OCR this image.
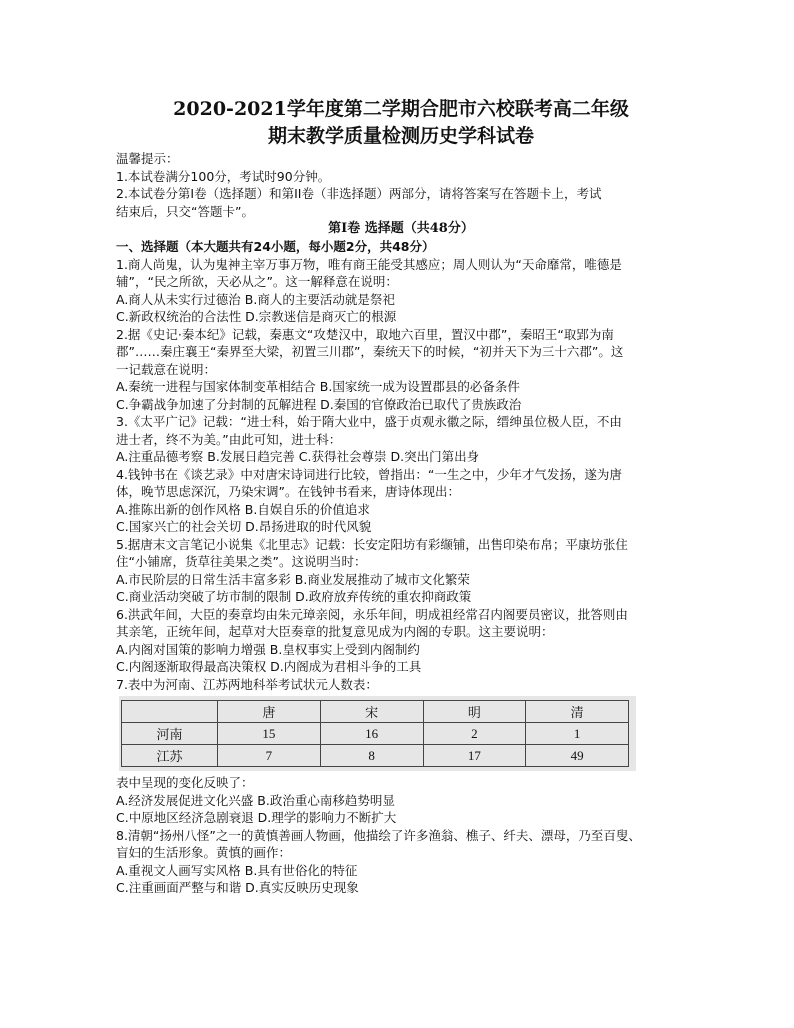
2020-2021学年度第二学期合肥市六校联考高二年级

期末教学质量检测历史学科试卷

温馨提示：

1.本试卷满分100分，考试时90分钟。

2.本试卷分第I卷（选择题）和第II卷（非选择题）两部分，请将答案写在答题卡上，考试

结束后，只交“答题卡”。

第I卷 选择题（共48分）

一、选择题（本大题共有24小题，每小题2分，共48分）

1.商人尚鬼，认为鬼神主宰万事万物，唯有商王能受其感应；周人则认为“天命靡常，唯德是

辅”，“民之所欲，天必从之”。这一解释意在说明：

A.商人从未实行过德治 B.商人的主要活动就是祭祀

C.新政权统治的合法性 D.宗教迷信是商灭亡的根源

2.据《史记·秦本纪》记载，秦惠文“攻楚汉中，取地六百里，置汉中郡”，秦昭王“取郢为南

郡”……秦庄襄王“秦界至大梁，初置三川郡”，秦统天下的时候，“初并天下为三十六郡”。这

一记载意在说明：

A.秦统一进程与国家体制变革相结合 B.国家统一成为设置郡县的必备条件

C.争霸战争加速了分封制的瓦解进程 D.秦国的官僚政治已取代了贵族政治

3.《太平广记》记载：“进士科，始于隋大业中，盛于贞观永徽之际，缙绅虽位极人臣，不由

进士者，终不为美。”由此可知，进士科：

A.注重品德考察 B.发展日趋完善 C.获得社会尊崇 D.突出门第出身

4.钱钟书在《谈艺录》中对唐宋诗词进行比较，曾指出：“一生之中，少年才气发扬，遂为唐

体，晚节思虑深沉，乃染宋调”。在钱钟书看来，唐诗体现出：

A.推陈出新的创作风格 B.自娱自乐的价值追求

C.国家兴亡的社会关切 D.昂扬进取的时代风貌

5.据唐末文言笔记小说集《北里志》记载：长安定阳坊有彩缬铺，出售印染布帛；平康坊张住

住“小铺席，货草往美果之类”。这说明当时：

A.市民阶层的日常生活丰富多彩 B.商业发展推动了城市文化繁荣

C.商业活动突破了坊市制的限制 D.政府放弃传统的重农抑商政策

6.洪武年间，大臣的奏章均由朱元璋亲阅，永乐年间，明成祖经常召内阁要员密议，批答则由

其亲笔，正统年间，起草对大臣奏章的批复意见成为内阁的专职。这主要说明：

A.内阁对国策的影响力增强 B.皇权事实上受到内阁制约

C.内阁逐渐取得最高决策权 D.内阁成为君相斗争的工具

7.表中为河南、江苏两地科举考试状元人数表：

	唐	宋	明	清
河南	15	16	2	1
江苏	7	8	17	49

表中呈现的变化反映了：

A.经济发展促进文化兴盛 B.政治重心南移趋势明显

C.中原地区经济急剧衰退 D.理学的影响力不断扩大

8.清朝“扬州八怪”之一的黄慎善画人物画，他描绘了许多渔翁、樵子、纤夫、漂母，乃至百叟、

盲妇的生活形象。黄慎的画作：

A.重视文人画写实风格 B.具有世俗化的特征

C.注重画面严整与和谐 D.真实反映历史现象
